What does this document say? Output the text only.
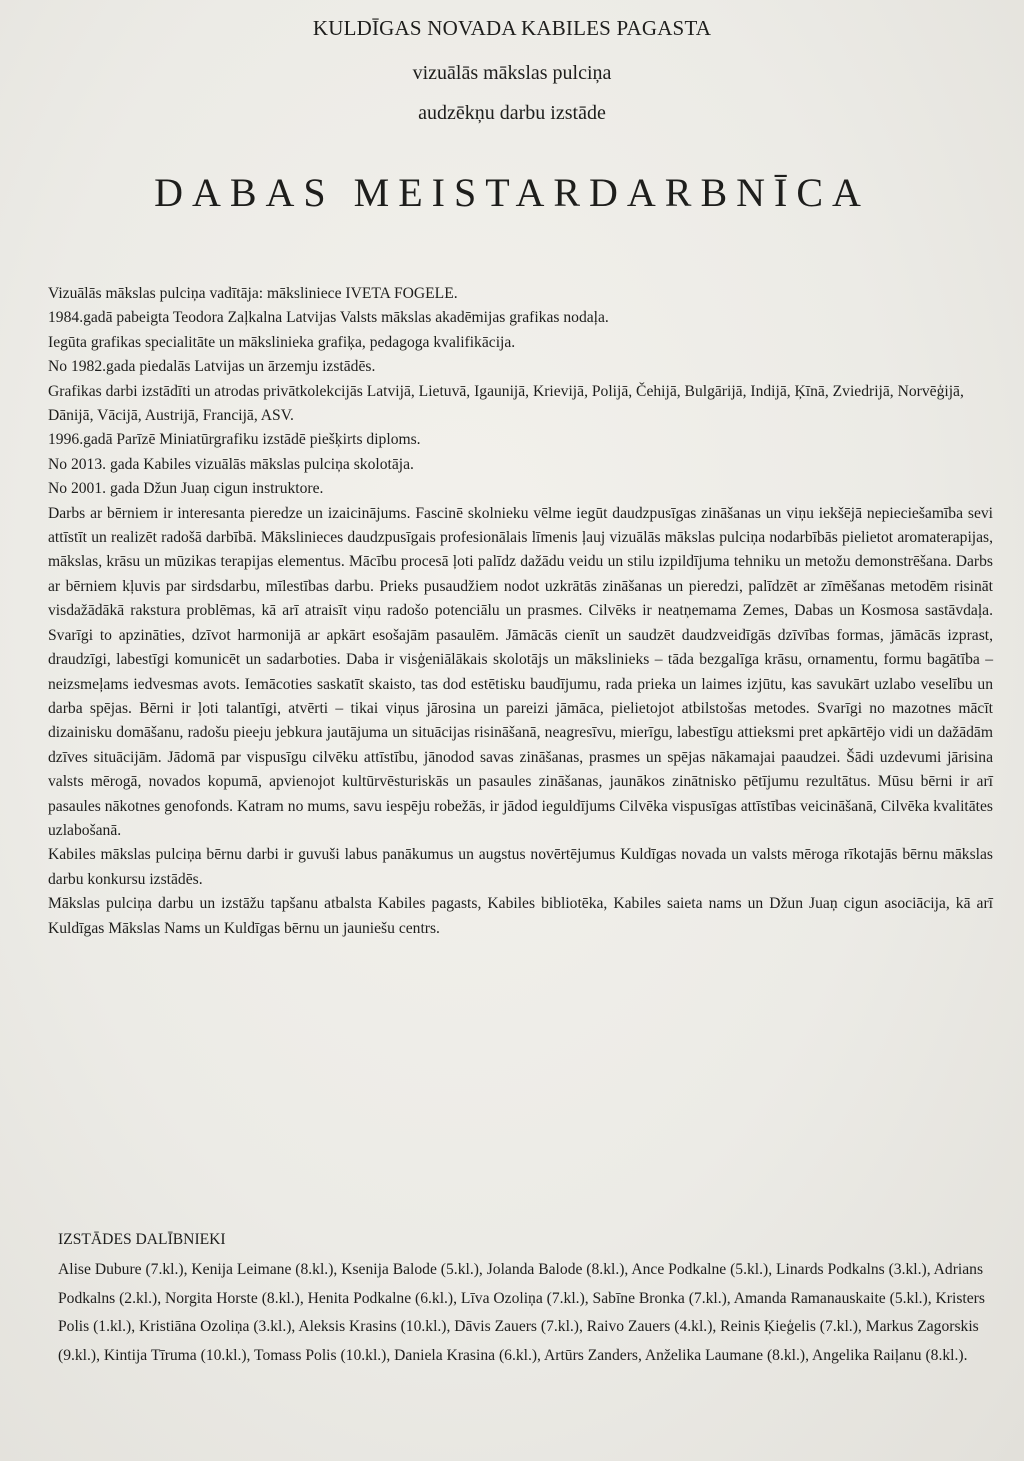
KULDĪGAS NOVADA KABILES PAGASTA

vizuālās mākslas pulciņa

audzēkņu darbu izstāde

DABAS MEISTARDARBNĪCA

Vizuālās mākslas pulciņa vadītāja: māksliniece IVETA FOGELE.

1984.gadā pabeigta Teodora Zaļkalna Latvijas Valsts mākslas akadēmijas grafikas nodaļa.

Iegūta grafikas specialitāte un mākslinieka grafiķa, pedagoga kvalifikācija.

No 1982.gada piedalās Latvijas un ārzemju izstādēs.

Grafikas darbi izstādīti un atrodas privātkolekcijās Latvijā, Lietuvā, Igaunijā, Krievijā, Polijā, Čehijā, Bulgārijā, Indijā, Ķīnā, Zviedrijā, Norvēģijā, Dānijā, Vācijā, Austrijā, Francijā, ASV.

1996.gadā Parīzē Miniatūrgrafiku izstādē piešķirts diploms.

No 2013. gada Kabiles vizuālās mākslas pulciņa skolotāja.

No 2001. gada Džun Juaņ cigun instruktore.

Darbs ar bērniem ir interesanta pieredze un izaicinājums. Fascinē skolnieku vēlme iegūt daudzpusīgas zināšanas un viņu iekšējā nepieciešamība sevi attīstīt un realizēt radošā darbībā. Mākslinieces daudzpusīgais profesionālais līmenis ļauj vizuālās mākslas pulciņa nodarbībās pielietot aromaterapijas, mākslas, krāsu un mūzikas terapijas elementus. Mācību procesā ļoti palīdz dažādu veidu un stilu izpildījuma tehniku un metožu demonstrēšana. Darbs ar bērniem kļuvis par sirdsdarbu, mīlestības darbu. Prieks pusaudžiem nodot uzkrātās zināšanas un pieredzi, palīdzēt ar zīmēšanas metodēm risināt visdažādākā rakstura problēmas, kā arī atraisīt viņu radošo potenciālu un prasmes. Cilvēks ir neatņemama Zemes, Dabas un Kosmosa sastāvdaļa. Svarīgi to apzināties, dzīvot harmonijā ar apkārt esošajām pasaulēm. Jāmācās cienīt un saudzēt daudzveidīgās dzīvības formas, jāmācās izprast, draudzīgi, labestīgi komunicēt un sadarboties. Daba ir visģeniālākais skolotājs un mākslinieks – tāda bezgalīga krāsu, ornamentu, formu bagātība – neizsmeļams iedvesmas avots. Iemācoties saskatīt skaisto, tas dod estētisku baudījumu, rada prieka un laimes izjūtu, kas savukārt uzlabo veselību un darba spējas. Bērni ir ļoti talantīgi, atvērti – tikai viņus jārosina un pareizi jāmāca, pielietojot atbilstošas metodes. Svarīgi no mazotnes mācīt dizainisku domāšanu, radošu pieeju jebkura jautājuma un situācijas risināšanā, neagresīvu, mierīgu, labestīgu attieksmi pret apkārtējo vidi un dažādām dzīves situācijām. Jādomā par vispusīgu cilvēku attīstību, jānodod savas zināšanas, prasmes un spējas nākamajai paaudzei. Šādi uzdevumi jārisina valsts mērogā, novados kopumā, apvienojot kultūrvēsturiskās un pasaules zināšanas, jaunākos zinātnisko pētījumu rezultātus. Mūsu bērni ir arī pasaules nākotnes genofonds. Katram no mums, savu iespēju robežās, ir jādod ieguldījums Cilvēka vispusīgas attīstības veicināšanā, Cilvēka kvalitātes uzlabošanā.

Kabiles mākslas pulciņa bērnu darbi ir guvuši labus panākumus un augstus novērtējumus Kuldīgas novada un valsts mēroga rīkotajās bērnu mākslas darbu konkursu izstādēs.

Mākslas pulciņa darbu un izstāžu tapšanu atbalsta Kabiles pagasts, Kabiles bibliotēka, Kabiles saieta nams un Džun Juaņ cigun asociācija, kā arī Kuldīgas Mākslas Nams un Kuldīgas bērnu un jauniešu centrs.

IZSTĀDES DALĪBNIEKI

Alise Dubure (7.kl.), Kenija Leimane (8.kl.), Ksenija Balode (5.kl.), Jolanda Balode (8.kl.), Ance Podkalne (5.kl.), Linards Podkalns (3.kl.), Adrians Podkalns (2.kl.), Norgita Horste (8.kl.), Henita Podkalne (6.kl.), Līva Ozoliņa (7.kl.), Sabīne Bronka (7.kl.), Amanda Ramanauskaite (5.kl.), Kristers Polis (1.kl.), Kristiāna Ozoliņa (3.kl.), Aleksis Krasins (10.kl.), Dāvis Zauers (7.kl.), Raivo Zauers (4.kl.), Reinis Ķieģelis (7.kl.), Markus Zagorskis (9.kl.), Kintija Tīruma (10.kl.), Tomass Polis (10.kl.), Daniela Krasina (6.kl.), Artūrs Zanders, Anželika Laumane (8.kl.), Angelika Raiļanu (8.kl.).
